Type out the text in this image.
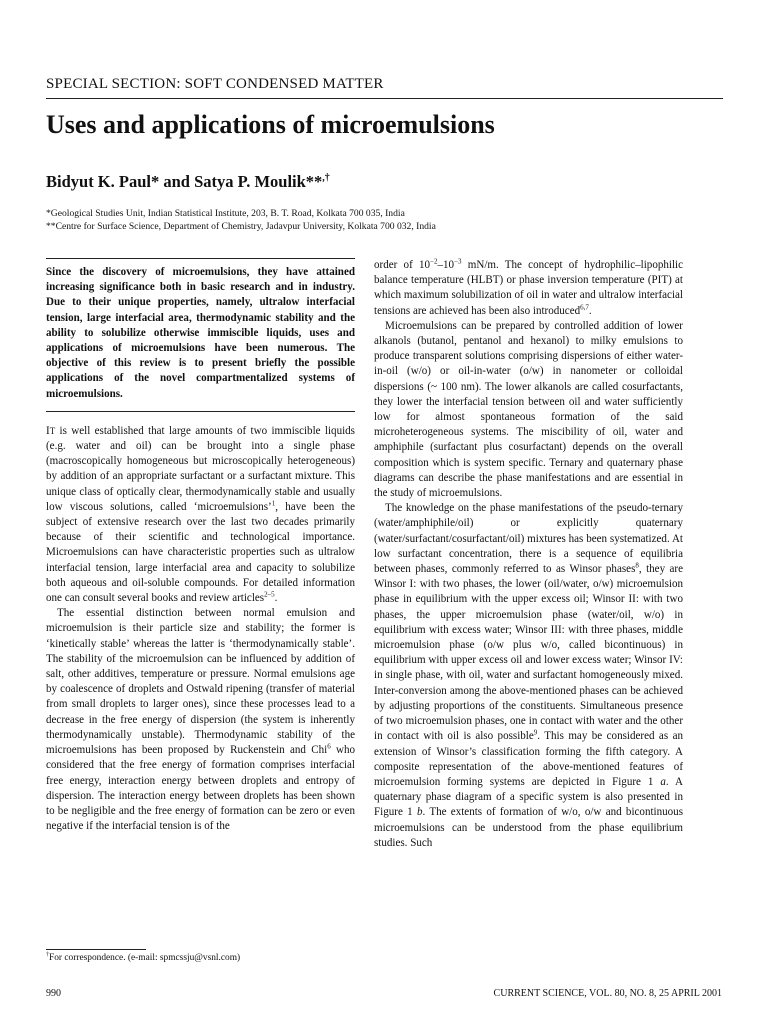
SPECIAL SECTION: SOFT CONDENSED MATTER
Uses and applications of microemulsions
Bidyut K. Paul* and Satya P. Moulik**,†
*Geological Studies Unit, Indian Statistical Institute, 203, B. T. Road, Kolkata 700 035, India
**Centre for Surface Science, Department of Chemistry, Jadavpur University, Kolkata 700 032, India

Since the discovery of microemulsions, they have attained increasing significance both in basic research and in industry. Due to their unique properties, namely, ultralow interfacial tension, large interfacial area, thermodynamic stability and the ability to solubilize otherwise immiscible liquids, uses and applications of microemulsions have been numerous. The objective of this review is to present briefly the possible applications of the novel compartmentalized systems of microemulsions.

IT is well established that large amounts of two immiscible liquids (e.g. water and oil) can be brought into a single phase (macroscopically homogeneous but microscopically heterogeneous) by addition of an appropriate surfactant or a surfactant mixture. This unique class of optically clear, thermodynamically stable and usually low viscous solutions, called ‘microemulsions’$^1$, have been the subject of extensive research over the last two decades primarily because of their scientific and technological importance. Microemulsions can have characteristic properties such as ultralow interfacial tension, large interfacial area and capacity to solubilize both aqueous and oil-soluble compounds. For detailed information one can consult several books and review articles$^{2-5}$.

The essential distinction between normal emulsion and microemulsion is their particle size and stability; the former is ‘kinetically stable’ whereas the latter is ‘thermodynamically stable’. The stability of the microemulsion can be influenced by addition of salt, other additives, temperature or pressure. Normal emulsions age by coalescence of droplets and Ostwald ripening (transfer of material from small droplets to larger ones), since these processes lead to a decrease in the free energy of dispersion (the system is inherently thermodynamically unstable). Thermodynamic stability of the microemulsions has been proposed by Ruckenstein and Chi$^6$ who considered that the free energy of formation comprises interfacial free energy, interaction energy between droplets and entropy of dispersion. The interaction energy between droplets has been shown to be negligible and the free energy of formation can be zero or even negative if the interfacial tension is of the

order of $10^{-2}-10^{-3}$ mN/m. The concept of hydrophilic–lipophilic balance temperature (HLBT) or phase inversion temperature (PIT) at which maximum solubilization of oil in water and ultralow interfacial tensions are achieved has been also introduced$^{6,7}$.

Microemulsions can be prepared by controlled addition of lower alkanols (butanol, pentanol and hexanol) to milky emulsions to produce transparent solutions comprising dispersions of either water-in-oil (w/o) or oil-in-water (o/w) in nanometer or colloidal dispersions (~ 100 nm). The lower alkanols are called cosurfactants, they lower the interfacial tension between oil and water sufficiently low for almost spontaneous formation of the said microheterogeneous systems. The miscibility of oil, water and amphiphile (surfactant plus cosurfactant) depends on the overall composition which is system specific. Ternary and quaternary phase diagrams can describe the phase manifestations and are essential in the study of microemulsions.

The knowledge on the phase manifestations of the pseudo-ternary (water/amphiphile/oil) or explicitly quaternary (water/surfactant/cosurfactant/oil) mixtures has been systematized. At low surfactant concentration, there is a sequence of equilibria between phases, commonly referred to as Winsor phases$^8$, they are Winsor I: with two phases, the lower (oil/water, o/w) microemulsion phase in equilibrium with the upper excess oil; Winsor II: with two phases, the upper microemulsion phase (water/oil, w/o) in equilibrium with excess water; Winsor III: with three phases, middle microemulsion phase (o/w plus w/o, called bicontinuous) in equilibrium with upper excess oil and lower excess water; Winsor IV: in single phase, with oil, water and surfactant homogeneously mixed. Inter-conversion among the above-mentioned phases can be achieved by adjusting proportions of the constituents. Simultaneous presence of two microemulsion phases, one in contact with water and the other in contact with oil is also possible$^9$. This may be considered as an extension of Winsor’s classification forming the fifth category. A composite representation of the above-mentioned features of microemulsion forming systems are depicted in Figure 1 a. A quaternary phase diagram of a specific system is also presented in Figure 1 b. The extents of formation of w/o, o/w and bicontinuous microemulsions can be understood from the phase equilibrium studies. Such

†For correspondence. (e-mail: spmcssju@vsnl.com)
990	CURRENT SCIENCE, VOL. 80, NO. 8, 25 APRIL 2001
